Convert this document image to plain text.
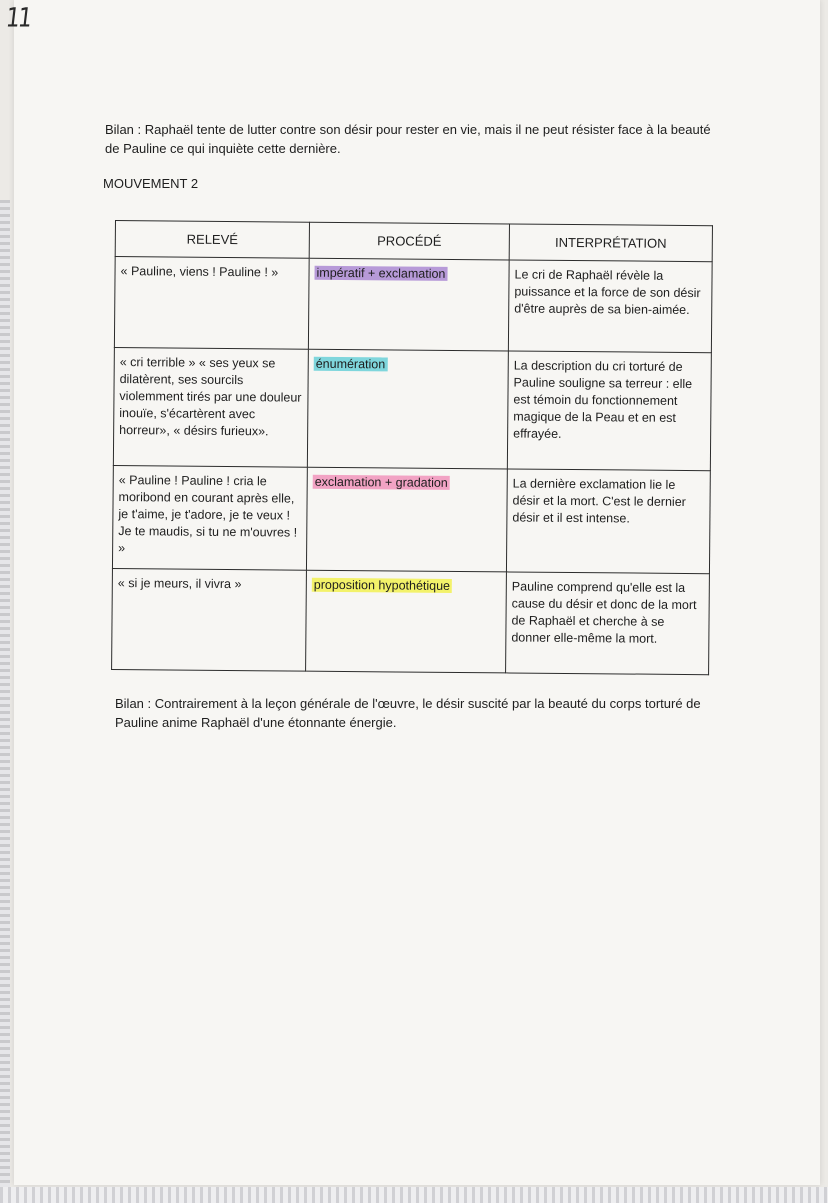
Bilan : Raphaël tente de lutter contre son désir pour rester en vie, mais il ne peut résister face à la beauté de Pauline ce qui inquiète cette dernière.
MOUVEMENT 2
RELEVÉ	PROCÉDÉ	INTERPRÉTATION
« Pauline, viens ! Pauline ! »	impératif + exclamation	Le cri de Raphaël révèle la puissance et la force de son désir d'être auprès de sa bien-aimée.
« cri terrible » « ses yeux se dilatèrent, ses sourcils violemment tirés par une douleur inouïe, s'écartèrent avec horreur», « désirs furieux».	énumération	La description du cri torturé de Pauline souligne sa terreur : elle est témoin du fonctionnement magique de la Peau et en est effrayée.
« Pauline ! Pauline ! cria le moribond en courant après elle, je t'aime, je t'adore, je te veux ! Je te maudis, si tu ne m'ouvres ! »	exclamation + gradation	La dernière exclamation lie le désir et la mort. C'est le dernier désir et il est intense.
« si je meurs, il vivra »	proposition hypothétique	Pauline comprend qu'elle est la cause du désir et donc de la mort de Raphaël et cherche à se donner elle-même la mort.
Bilan : Contrairement à la leçon générale de l'œuvre, le désir suscité par la beauté du corps torturé de Pauline anime Raphaël d'une étonnante énergie.
11
